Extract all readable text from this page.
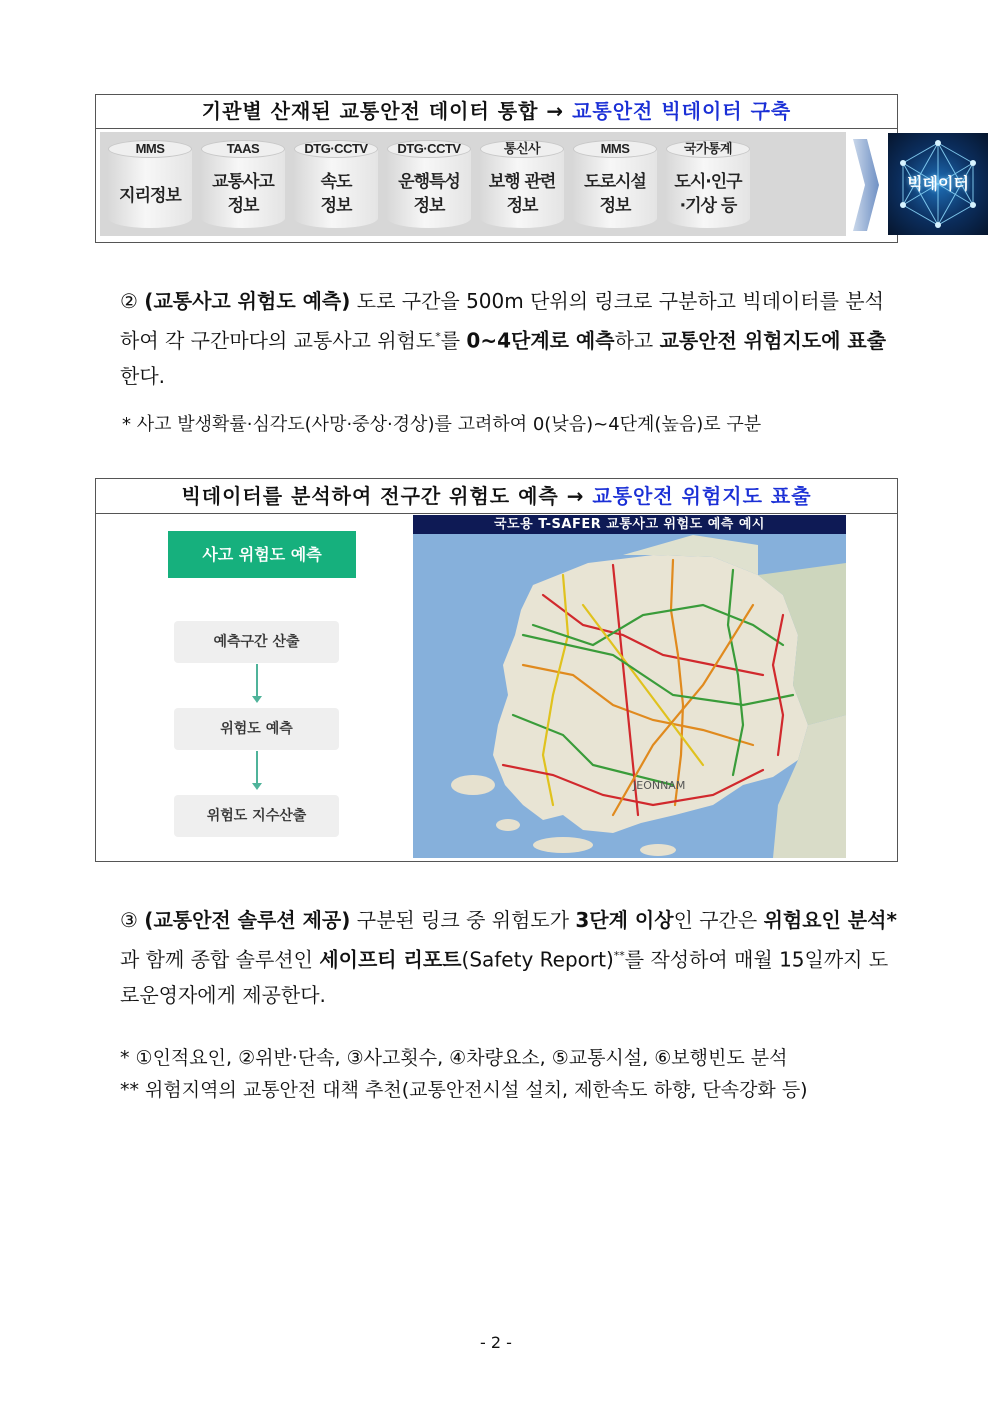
기관별 산재된 교통안전 데이터 통합 → 교통안전 빅데이터 구축
MMS
지리정보
TAAS
교통사고
정보
DTG·CCTV
속도
정보
DTG·CCTV
운행특성
정보
통신사
보행 관련
정보
MMS
도로시설
정보
국가통계
도시·인구
·기상 등
빅데이터
② (교통사고 위험도 예측) 도로 구간을 500m 단위의 링크로 구분하고 빅데이터를 분석하여 각 구간마다의 교통사고 위험도*를 0~4단계로 예측하고 교통안전 위험지도에 표출한다.
* 사고 발생확률·심각도(사망·중상·경상)를 고려하여 0(낮음)~4단계(높음)로 구분
빅데이터를 분석하여 전구간 위험도 예측 → 교통안전 위험지도 표출
사고 위험도 예측
예측구간 산출
위험도 예측
위험도 지수산출
JEONNAM
국도용 T-SAFER 교통사고 위험도 예측 예시
③ (교통안전 솔루션 제공) 구분된 링크 중 위험도가 3단계 이상인 구간은 위험요인 분석*과 함께 종합 솔루션인 세이프티 리포트(Safety Report)**를 작성하여 매월 15일까지 도로운영자에게 제공한다.
* ①인적요인, ②위반·단속, ③사고횟수, ④차량요소, ⑤교통시설, ⑥보행빈도 분석
** 위험지역의 교통안전 대책 추천(교통안전시설 설치, 제한속도 하향, 단속강화 등)
- 2 -
